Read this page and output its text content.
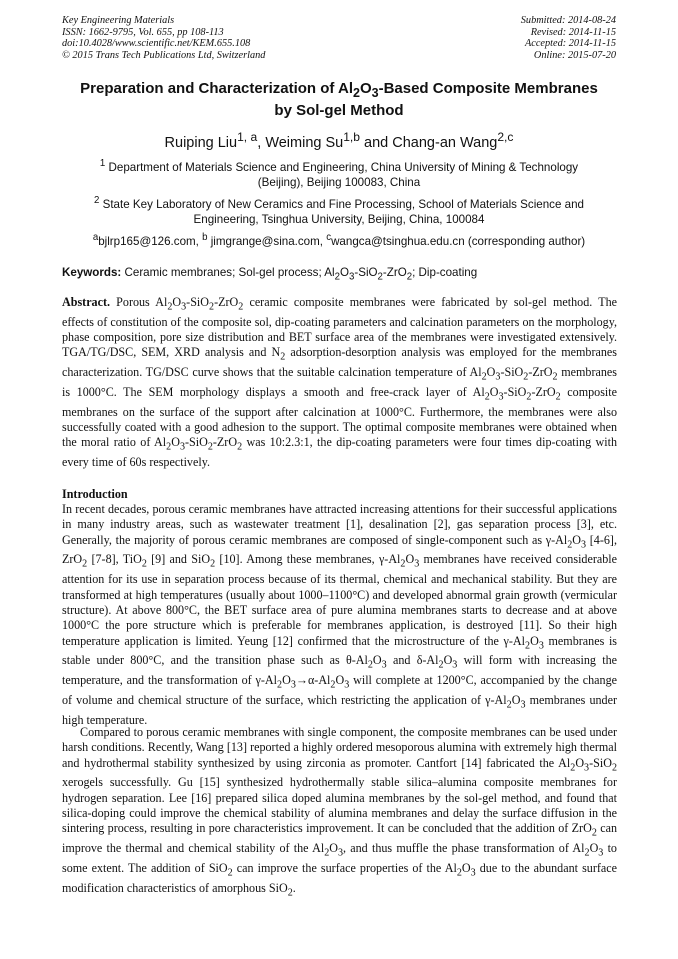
Key Engineering Materials
ISSN: 1662-9795, Vol. 655, pp 108-113
doi:10.4028/www.scientific.net/KEM.655.108
© 2015 Trans Tech Publications Ltd, Switzerland
Submitted: 2014-08-24
Revised: 2014-11-15
Accepted: 2014-11-15
Online: 2015-07-20
Preparation and Characterization of $Al_2O_3$-Based Composite Membranes
by Sol-gel Method
Ruiping Liu$^{1, a}$, Weiming Su$^{1,b}$ and Chang-an Wang$^{2,c}$
$^1$ Department of Materials Science and Engineering, China University of Mining & Technology
(Beijing), Beijing 100083, China
$^2$ State Key Laboratory of New Ceramics and Fine Processing, School of Materials Science and
Engineering, Tsinghua University, Beijing, China, 100084
$^a$bjlrp165@126.com, $^b$ jimgrange@sina.com, $^c$wangca@tsinghua.edu.cn (corresponding author)
Keywords: Ceramic membranes; Sol-gel process; $Al_2O_3-SiO_2-ZrO_2$; Dip-coating
Abstract. Porous $Al_2O_3-SiO_2-ZrO_2$ ceramic composite membranes were fabricated by sol-gel method. The effects of constitution of the composite sol, dip-coating parameters and calcination parameters on the morphology, phase composition, pore size distribution and BET surface area of the membranes were investigated extensively. TGA/TG/DSC, SEM, XRD analysis and $N_2$ adsorption-desorption analysis was employed for the membranes characterization. TG/DSC curve shows that the suitable calcination temperature of $Al_2O_3-SiO_2-ZrO_2$ membranes is 1000°C. The SEM morphology displays a smooth and free-crack layer of $Al_2O_3-SiO_2-ZrO_2$ composite membranes on the surface of the support after calcination at 1000°C. Furthermore, the membranes were also successfully coated with a good adhesion to the support. The optimal composite membranes were obtained when the moral ratio of $Al_2O_3-SiO_2-ZrO_2$ was 10:2.3:1, the dip-coating parameters were four times dip-coating with every time of 60s respectively.
Introduction
In recent decades, porous ceramic membranes have attracted increasing attentions for their successful applications in many industry areas, such as wastewater treatment [1], desalination [2], gas separation process [3], etc. Generally, the majority of porous ceramic membranes are composed of single-component such as $\gamma-Al_2O_3$ [4-6], ZrO$_2$ [7-8], TiO$_2$ [9] and SiO$_2$ [10]. Among these membranes, $\gamma-Al_2O_3$ membranes have received considerable attention for its use in separation process because of its thermal, chemical and mechanical stability. But they are transformed at high temperatures (usually about 1000–1100°C) and developed abnormal grain growth (vermicular structure). At above 800°C, the BET surface area of pure alumina membranes starts to decrease and at above 1000°C the pore structure which is preferable for membranes application, is destroyed [11]. So their high temperature application is limited. Yeung [12] confirmed that the microstructure of the $\gamma-Al_2O_3$ membranes is stable under 800°C, and the transition phase such as $\theta-Al_2O_3$ and $\delta-Al_2O_3$ will form with increasing the temperature, and the transformation of $\gamma-Al_2O_3\to\alpha-Al_2O_3$ will complete at 1200°C, accompanied by the change of volume and chemical structure of the surface, which restricting the application of $\gamma-Al_2O_3$ membranes under high temperature.
Compared to porous ceramic membranes with single component, the composite membranes can be used under harsh conditions. Recently, Wang [13] reported a highly ordered mesoporous alumina with extremely high thermal and hydrothermal stability synthesized by using zirconia as promoter. Cantfort [14] fabricated the $Al_2O_3-SiO_2$ xerogels successfully. Gu [15] synthesized hydrothermally stable silica–alumina composite membranes for hydrogen separation. Lee [16] prepared silica doped alumina membranes by the sol-gel method, and found that silica-doping could improve the chemical stability of alumina membranes and delay the surface diffusion in the sintering process, resulting in pore characteristics improvement. It can be concluded that the addition of ZrO$_2$ can improve the thermal and chemical stability of the $Al_2O_3$, and thus muffle the phase transformation of $Al_2O_3$ to some extent. The addition of SiO$_2$ can improve the surface properties of the $Al_2O_3$ due to the abundant surface modification characteristics of amorphous SiO$_2$.
